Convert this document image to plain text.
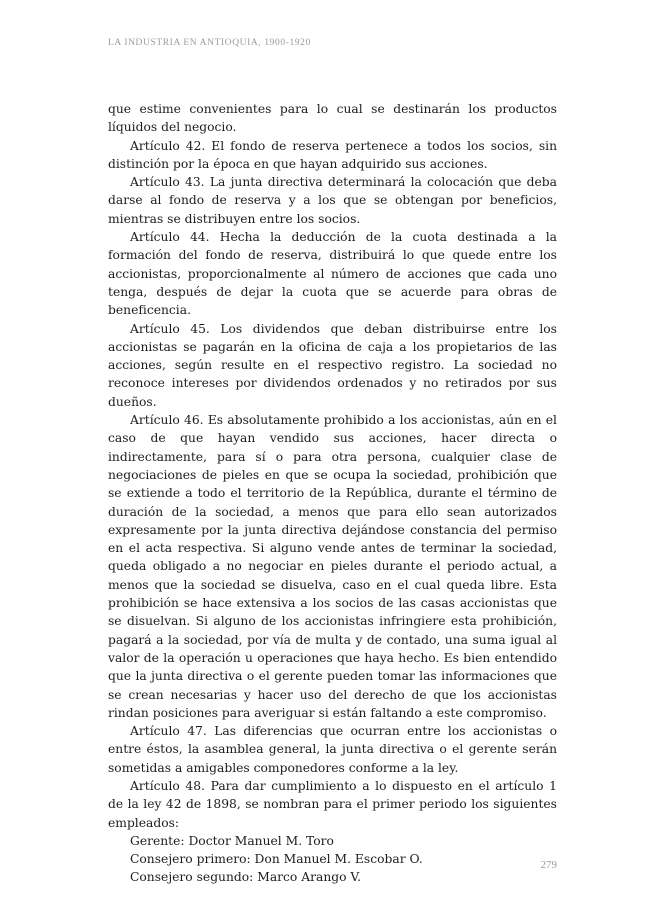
LA INDUSTRIA EN ANTIOQUIA, 1900-1920

que estime convenientes para lo cual se destinarán los productos líquidos del negocio.

Artículo 42. El fondo de reserva pertenece a todos los socios, sin distinción por la época en que hayan adquirido sus acciones.

Artículo 43. La junta directiva determinará la colocación que deba darse al fondo de reserva y a los que se obtengan por beneficios, mientras se distribuyen entre los socios.

Artículo 44. Hecha la deducción de la cuota destinada a la formación del fondo de reserva, distribuirá lo que quede entre los accionistas, proporcionalmente al número de acciones que cada uno tenga, después de dejar la cuota que se acuerde para obras de beneficencia.

Artículo 45. Los dividendos que deban distribuirse entre los accionistas se pagarán en la oficina de caja a los propietarios de las acciones, según resulte en el respectivo registro. La sociedad no reconoce intereses por dividendos ordenados y no retirados por sus dueños.

Artículo 46. Es absolutamente prohibido a los accionistas, aún en el caso de que hayan vendido sus acciones, hacer directa o indirectamente, para sí o para otra persona, cualquier clase de negociaciones de pieles en que se ocupa la sociedad, prohibición que se extiende a todo el territorio de la República, durante el término de duración de la sociedad, a menos que para ello sean autorizados expresamente por la junta directiva dejándose constancia del permiso en el acta respectiva. Si alguno vende antes de terminar la sociedad, queda obligado a no negociar en pieles durante el periodo actual, a menos que la sociedad se disuelva, caso en el cual queda libre. Esta prohibición se hace extensiva a los socios de las casas accionistas que se disuelvan. Si alguno de los accionistas infringiere esta prohibición, pagará a la sociedad, por vía de multa y de contado, una suma igual al valor de la operación u operaciones que haya hecho. Es bien entendido que la junta directiva o el gerente pueden tomar las informaciones que se crean necesarias y hacer uso del derecho de que los accionistas rindan posiciones para averiguar si están faltando a este compromiso.

Artículo 47. Las diferencias que ocurran entre los accionistas o entre éstos, la asamblea general, la junta directiva o el gerente serán sometidas a amigables componedores conforme a la ley.

Artículo 48. Para dar cumplimiento a lo dispuesto en el artículo 1 de la ley 42 de 1898, se nombran para el primer periodo los siguientes empleados:

Gerente: Doctor Manuel M. Toro

Consejero primero: Don Manuel M. Escobar O.

Consejero segundo: Marco Arango V.

279
